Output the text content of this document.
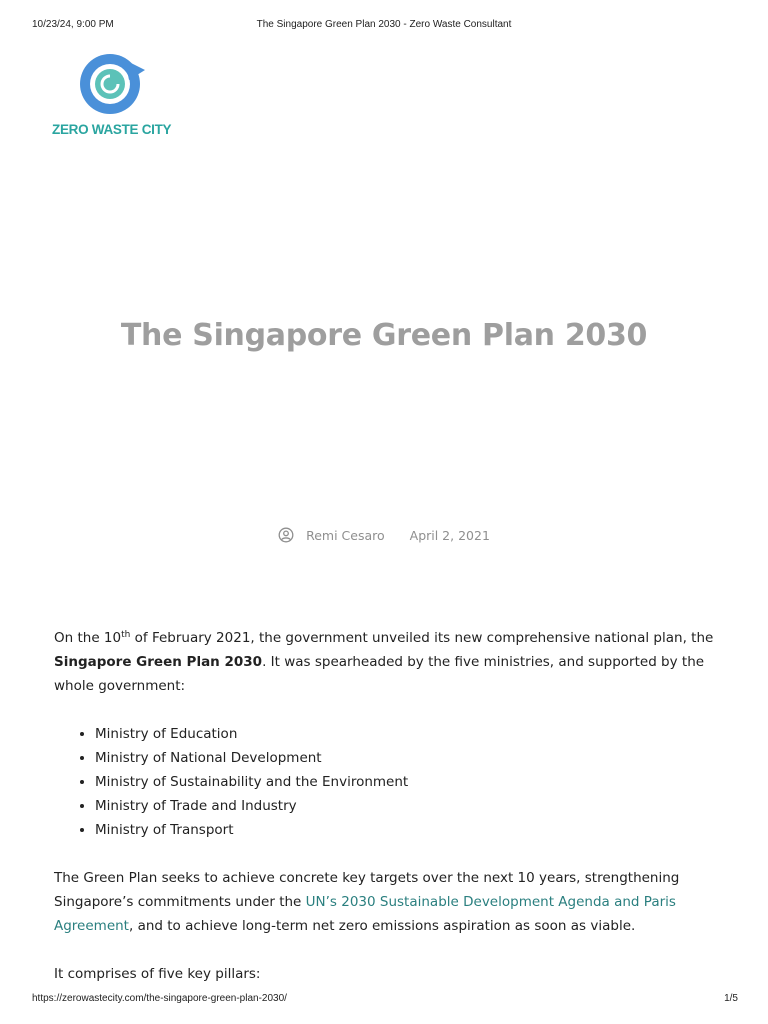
10/23/24, 9:00 PM	The Singapore Green Plan 2030 - Zero Waste Consultant
ZERO WASTE CITY
The Singapore Green Plan 2030
Remi Cesaro April 2, 2021

On the 10th of February 2021, the government unveiled its new comprehensive national plan, the Singapore Green Plan 2030. It was spearheaded by the five ministries, and supported by the whole government:

• Ministry of Education
• Ministry of National Development
• Ministry of Sustainability and the Environment
• Ministry of Trade and Industry
• Ministry of Transport

The Green Plan seeks to achieve concrete key targets over the next 10 years, strengthening Singapore’s commitments under the UN’s 2030 Sustainable Development Agenda and Paris Agreement, and to achieve long-term net zero emissions aspiration as soon as viable.

It comprises of five key pillars:

https://zerowastecity.com/the-singapore-green-plan-2030/	1/5
